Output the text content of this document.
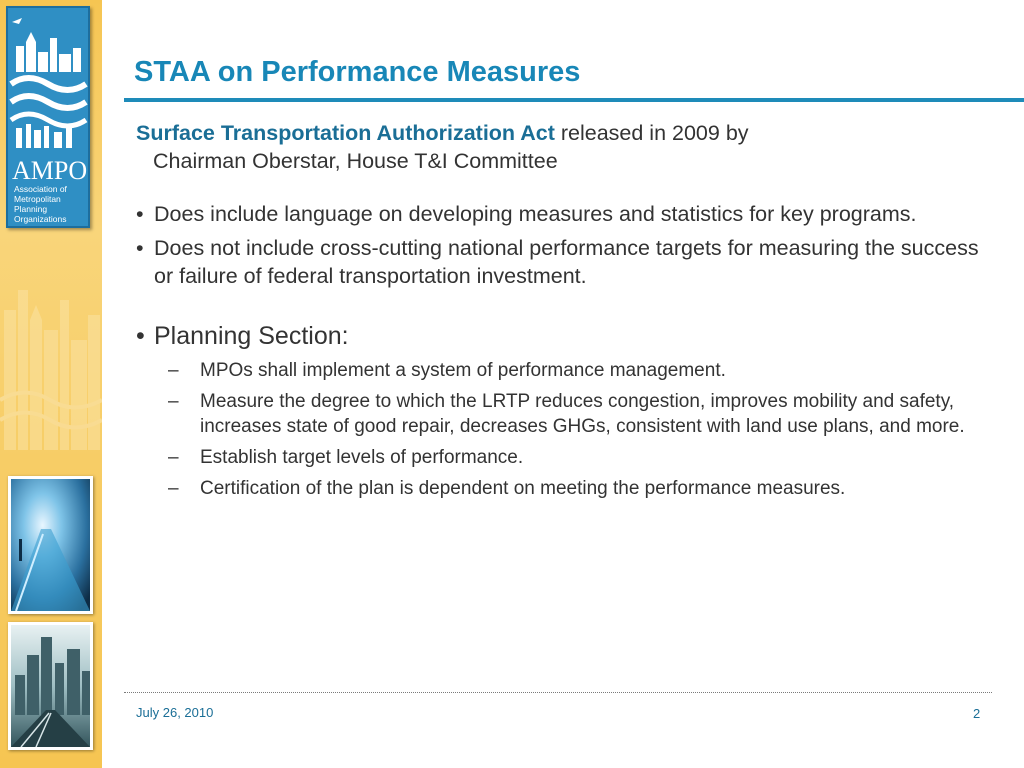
AMPO
Association of Metropolitan Planning Organizations
STAA on Performance Measures

Surface Transportation Authorization Act released in 2009 by
Chairman Oberstar, House T&I Committee

• Does include language on developing measures and statistics for key programs.

• Does not include cross-cutting national performance targets for measuring the success or failure of federal transportation investment.

• Planning Section:

– MPOs shall implement a system of performance management.

– Measure the degree to which the LRTP reduces congestion, improves mobility and safety, increases state of good repair, decreases GHGs, consistent with land use plans, and more.

– Establish target levels of performance.

– Certification of the plan is dependent on meeting the performance measures.

July 26, 2010	2
